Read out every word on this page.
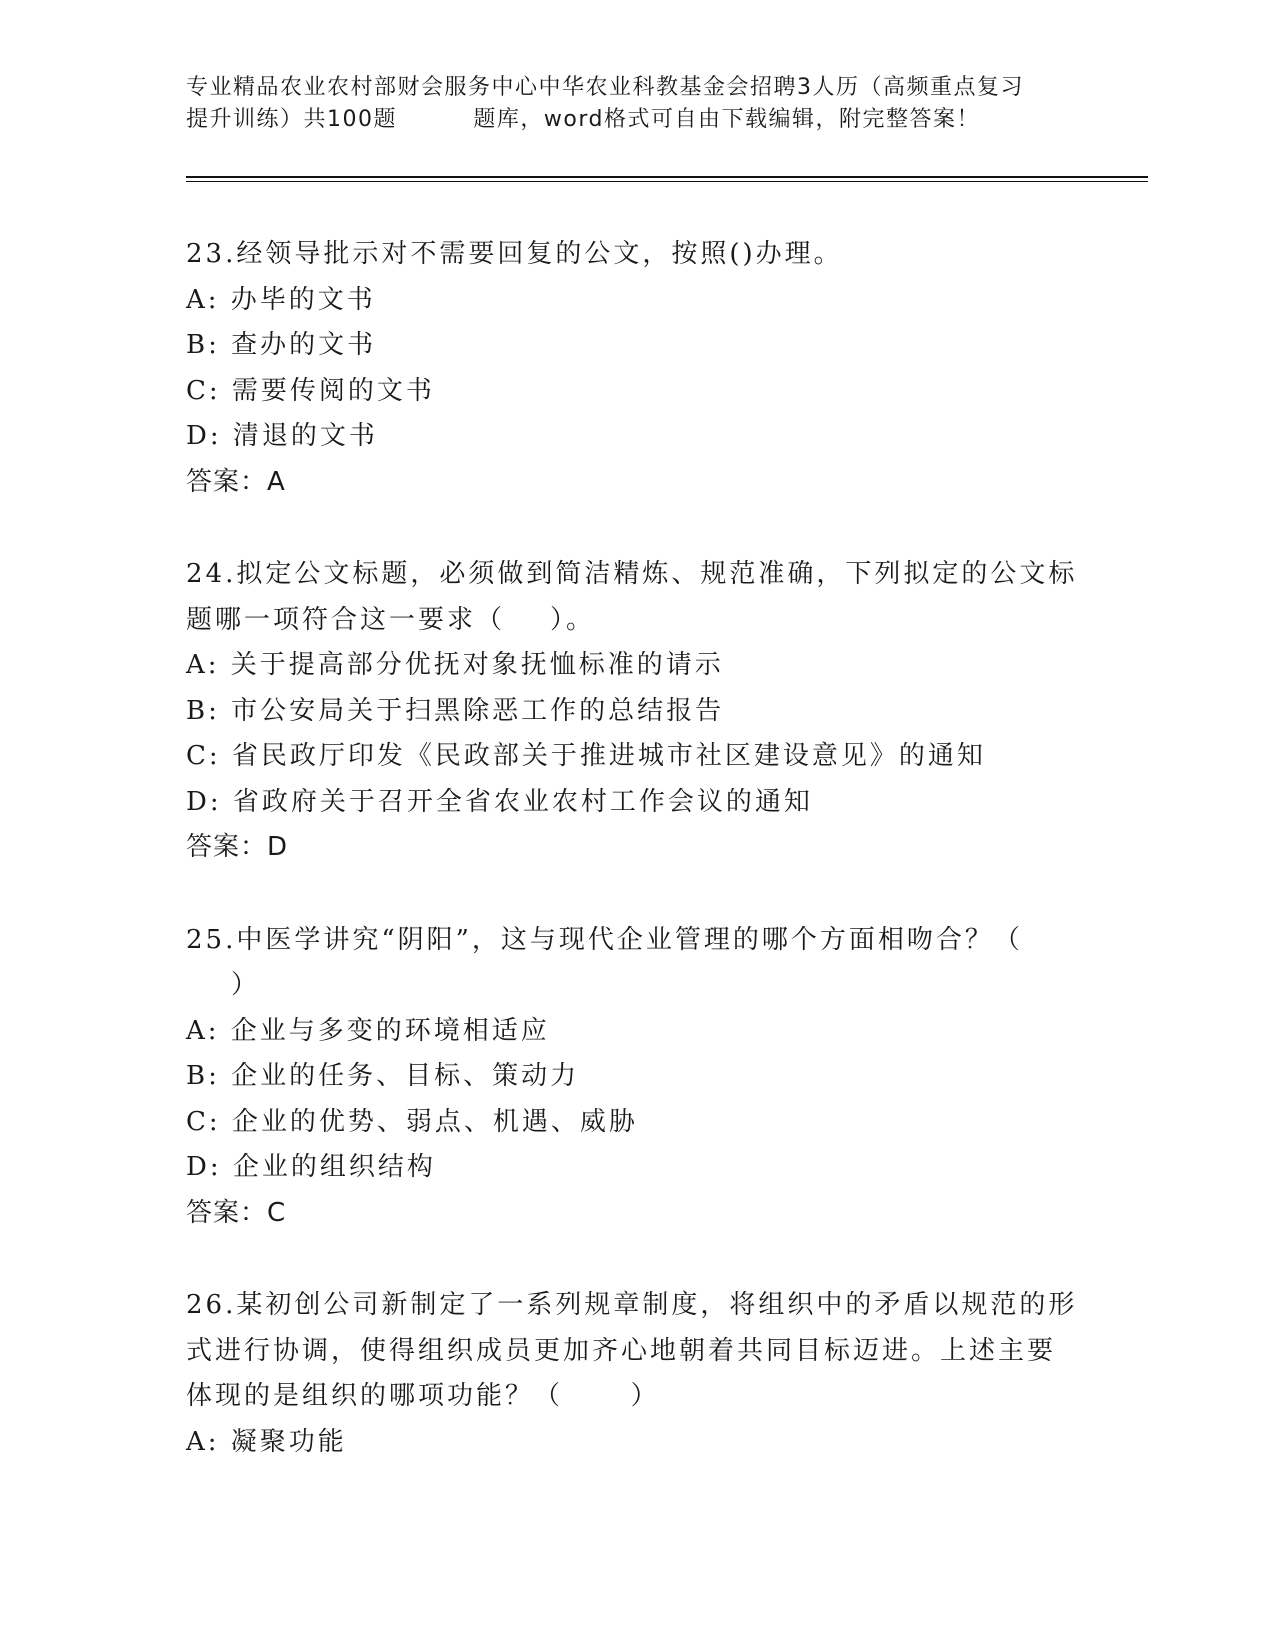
专业精品农业农村部财会服务中心中华农业科教基金会招聘3人历（高频重点复习
提升训练）共100题         题库，word格式可自由下载编辑，附完整答案！
23.经领导批示对不需要回复的公文，按照()办理。
A: 办毕的文书
B: 查办的文书
C: 需要传阅的文书
D: 清退的文书
答案：A
24.拟定公文标题，必须做到简洁精炼、规范准确，下列拟定的公文标
题哪一项符合这一要求（    ）。
A: 关于提高部分优抚对象抚恤标准的请示
B: 市公安局关于扫黑除恶工作的总结报告
C: 省民政厅印发《民政部关于推进城市社区建设意见》的通知
D: 省政府关于召开全省农业农村工作会议的通知
答案：D
25.中医学讲究“阴阳”，这与现代企业管理的哪个方面相吻合？（
）
A: 企业与多变的环境相适应
B: 企业的任务、目标、策动力
C: 企业的优势、弱点、机遇、威胁
D: 企业的组织结构
答案：C
26.某初创公司新制定了一系列规章制度，将组织中的矛盾以规范的形
式进行协调，使得组织成员更加齐心地朝着共同目标迈进。上述主要
体现的是组织的哪项功能？（      ）
A: 凝聚功能
